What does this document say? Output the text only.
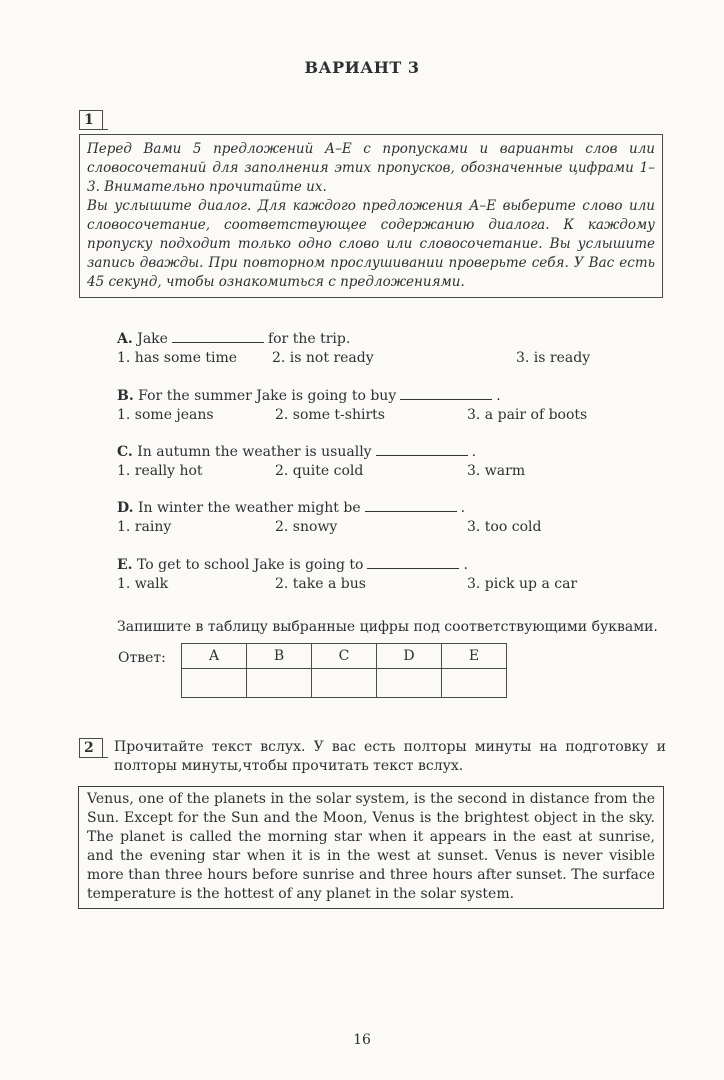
ВАРИАНТ 3
1

Перед Вами 5 предложений А–Е с пропусками и варианты слов или словосочетаний для заполнения этих пропусков, обозначенные цифрами 1–3. Внимательно прочитайте их.

Вы услышите диалог. Для каждого предложения А–Е выберите слово или словосочетание, соответствующее содержанию диалога. К каждому пропуску подходит только одно слово или словосочетание. Вы услышите запись дважды. При повторном прослушивании проверьте себя. У Вас есть 45 секунд, чтобы ознакомиться с предложениями.

A. Jake	for the trip.
1. has some time 2. is not ready	3. is ready
B. For the summer Jake is going to buy	.
1. some jeans	2. some t-shirts	3. a pair of boots
C. In autumn the weather is usually	.
1. really hot	2. quite cold	3. warm
D. In winter the weather might be	.
1. rainy	2. snowy	3. too cold
E. To get to school Jake is going to	.
1. walk	2. take a bus	3. pick up a car
Запишите в таблицу выбранные цифры под соответствующими буквами.
Ответ:	A	B	C	D	E

2	Прочитайте текст вслух. У вас есть полторы минуты на подготовку и полторы минуты,чтобы прочитать текст вслух.
Venus, one of the planets in the solar system, is the second in distance from the Sun. Except for the Sun and the Moon, Venus is the brightest object in the sky. The planet is called the morning star when it appears in the east at sunrise, and the evening star when it is in the west at sunset. Venus is never visible more than three hours before sunrise and three hours after sunset. The surface temperature is the hottest of any planet in the solar system.
16
